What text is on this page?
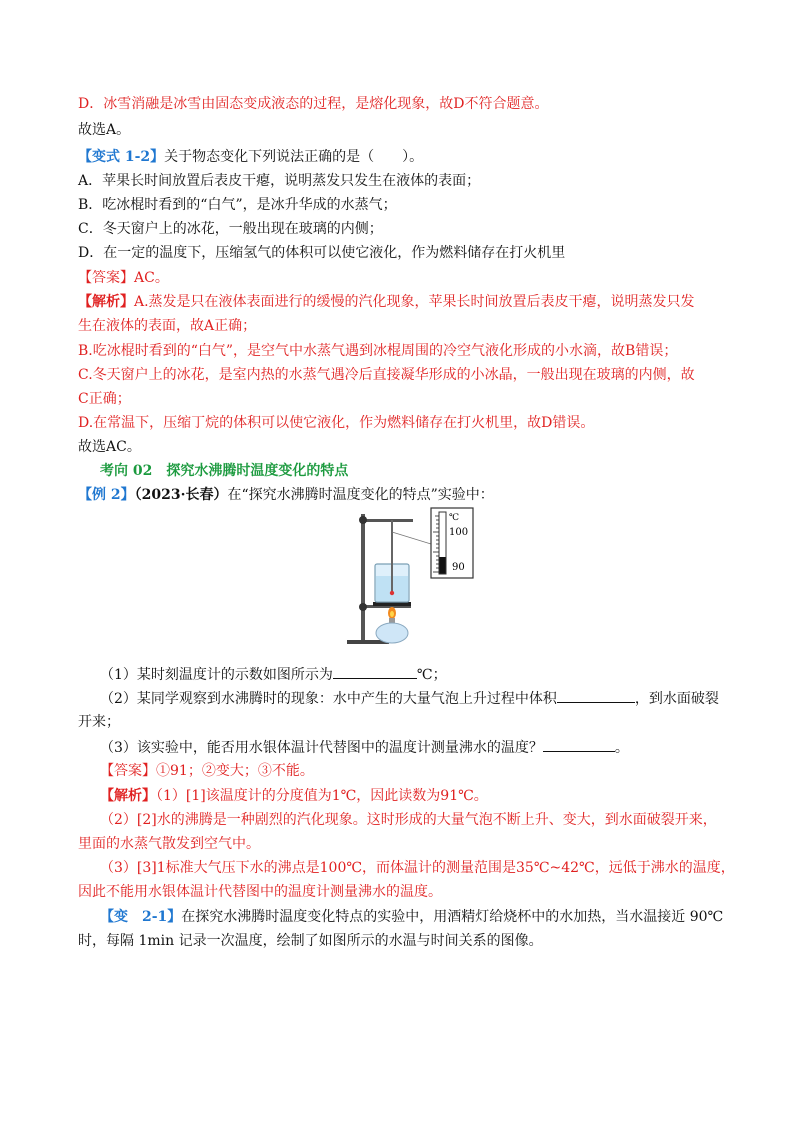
D．冰雪消融是冰雪由固态变成液态的过程，是熔化现象，故D不符合题意。
故选A。
【变式 1-2】关于物态变化下列说法正确的是（　　）。
A．苹果长时间放置后表皮干瘪，说明蒸发只发生在液体的表面；
B．吃冰棍时看到的“白气”，是冰升华成的水蒸气；
C．冬天窗户上的冰花，一般出现在玻璃的内侧；
D．在一定的温度下，压缩氢气的体积可以使它液化，作为燃料储存在打火机里
【答案】AC。
【解析】A.蒸发是只在液体表面进行的缓慢的汽化现象，苹果长时间放置后表皮干瘪，说明蒸发只发
生在液体的表面，故A正确；
B.吃冰棍时看到的“白气”，是空气中水蒸气遇到冰棍周围的冷空气液化形成的小水滴，故B错误；
C.冬天窗户上的冰花，是室内热的水蒸气遇冷后直接凝华形成的小冰晶，一般出现在玻璃的内侧，故
C正确；
D.在常温下，压缩丁烷的体积可以使它液化，作为燃料储存在打火机里，故D错误。
故选AC。
考向 02　探究水沸腾时温度变化的特点
【例 2】（2023·长春）在“探究水沸腾时温度变化的特点”实验中：
℃
100
90
（1）某时刻温度计的示数如图所示为	℃；
（2）某同学观察到水沸腾时的现象：水中产生的大量气泡上升过程中体积	，到水面破裂
开来；
（3）该实验中，能否用水银体温计代替图中的温度计测量沸水的温度？	。
【答案】①91；②变大；③不能。
【解析】（1）[1]该温度计的分度值为1℃，因此读数为91℃。
（2）[2]水的沸腾是一种剧烈的汽化现象。这时形成的大量气泡不断上升、变大，到水面破裂开来，
里面的水蒸气散发到空气中。
（3）[3]1标准大气压下水的沸点是100℃，而体温计的测量范围是35℃~42℃，远低于沸水的温度，
因此不能用水银体温计代替图中的温度计测量沸水的温度。
【变　2-1】在探究水沸腾时温度变化特点的实验中，用酒精灯给烧杯中的水加热，当水温接近 90℃
时，每隔 1min 记录一次温度，绘制了如图所示的水温与时间关系的图像。
